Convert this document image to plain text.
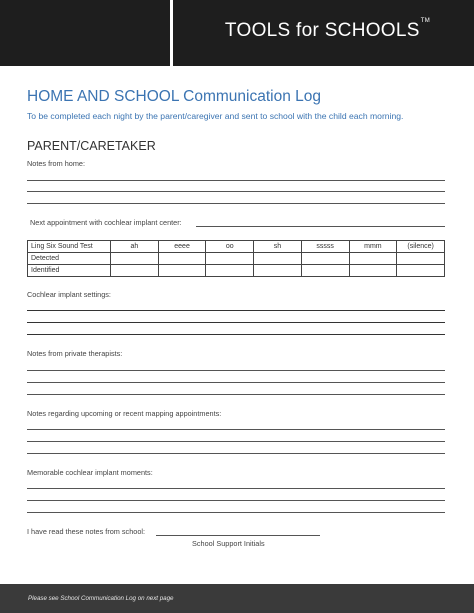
TOOLS for SCHOOLS™
HOME AND SCHOOL Communication Log
To be completed each night by the parent/caregiver and sent to school with the child each morning.
PARENT/CARETAKER
Notes from home:
Next appointment with cochlear implant center:
Ling Six Sound Test	ah	eeee	oo	sh	sssss	mmm	(silence)
Detected							
Identified							
Cochlear implant settings:
Notes from private therapists:
Notes regarding upcoming or recent mapping appointments:
Memorable cochlear implant moments:
I have read these notes from school:
School Support Initials
Please see School Communication Log on next page
